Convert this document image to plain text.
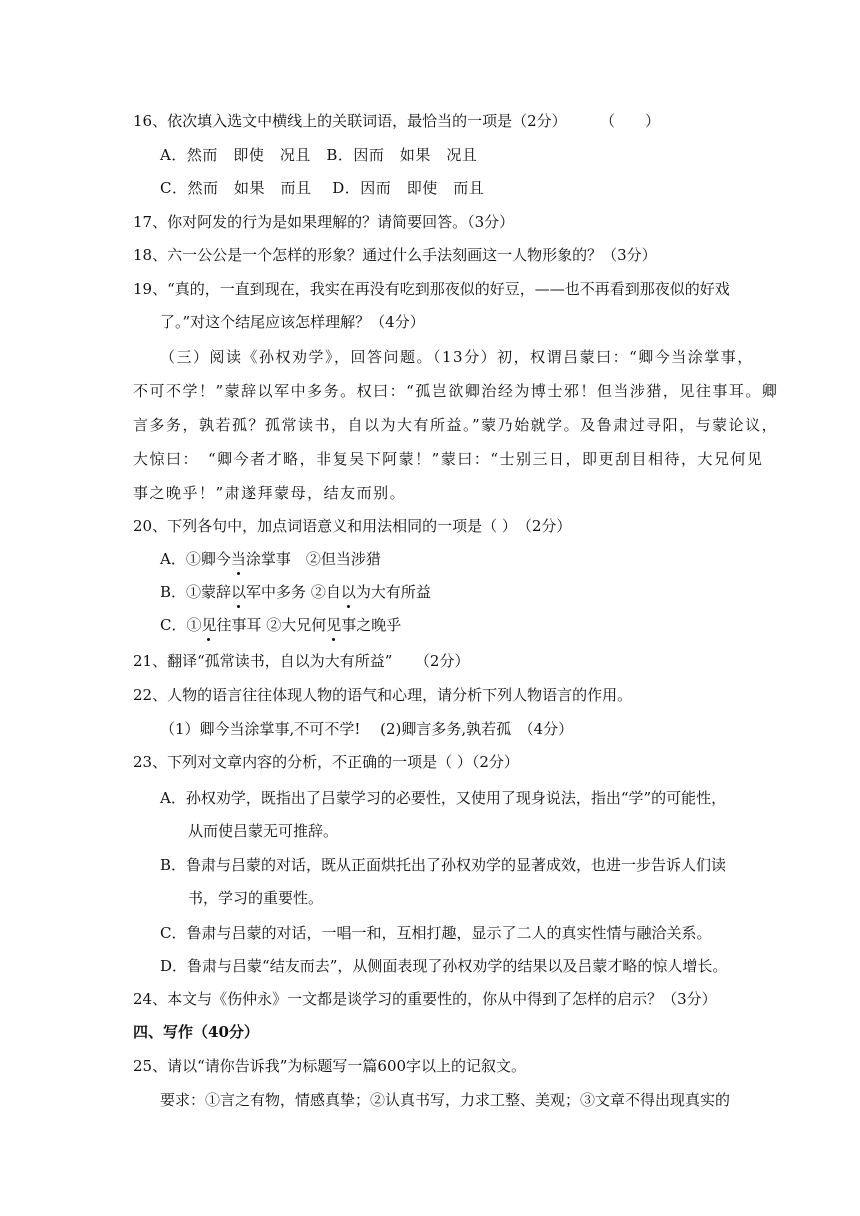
16、依次填入选文中横线上的关联词语，最恰当的一项是（2分） （　　）
A．然而　即使　况且　B．因而　如果　况且
C．然而　如果　而且　 D．因而　即使　而且
17、你对阿发的行为是如果理解的？请简要回答。（3分）
18、六一公公是一个怎样的形象？通过什么手法刻画这一人物形象的？（3分）
19、“真的，一直到现在，我实在再没有吃到那夜似的好豆，——也不再看到那夜似的好戏
了。”对这个结尾应该怎样理解？（4分）
（三）阅读《孙权劝学》，回答问题。（13分）初，权谓吕蒙曰：“卿今当涂掌事，
不可不学！”蒙辞以军中多务。权曰：“孤岂欲卿治经为博士邪！但当涉猎，见往事耳。卿
言多务，孰若孤？孤常读书，自以为大有所益。”蒙乃始就学。及鲁肃过寻阳，与蒙论议，
大惊曰：　“卿今者才略，非复吴下阿蒙！”蒙曰：“士别三日，即更刮目相待，大兄何见
事之晚乎！”肃遂拜蒙母，结友而别。
20、下列各句中，加点词语意义和用法相同的一项是（ ）　（2分）
A．①卿今当
涂掌事　②但当涉猎
B．①蒙辞以
军中多务 ②自以
为大有所益
C．①见
往事耳 ②大兄何见
事之晚乎
21、翻译“孤常读书，自以为大有所益”　　（2分）
22、人物的语言往往体现人物的语气和心理，请分析下列人物语言的作用。
（1）卿今当涂掌事,不可不学!　 (2)卿言多务,孰若孤　（4分）
23、下列对文章内容的分析，不正确的一项是（ ）（2分）
A．孙权劝学，既指出了吕蒙学习的必要性，又使用了现身说法，指出“学”的可能性，
从而使吕蒙无可推辞。
B．鲁肃与吕蒙的对话，既从正面烘托出了孙权劝学的显著成效，也进一步告诉人们读
书，学习的重要性。
C．鲁肃与吕蒙的对话，一唱一和，互相打趣，显示了二人的真实性情与融洽关系。
D．鲁肃与吕蒙“结友而去”，从侧面表现了孙权劝学的结果以及吕蒙才略的惊人增长。
24、本文与《伤仲永》一文都是谈学习的重要性的，你从中得到了怎样的启示？（3分）
四、写作（40分）
25、请以“请你告诉我”为标题写一篇600字以上的记叙文。
要求：①言之有物，情感真挚；②认真书写，力求工整、美观；③文章不得出现真实的
